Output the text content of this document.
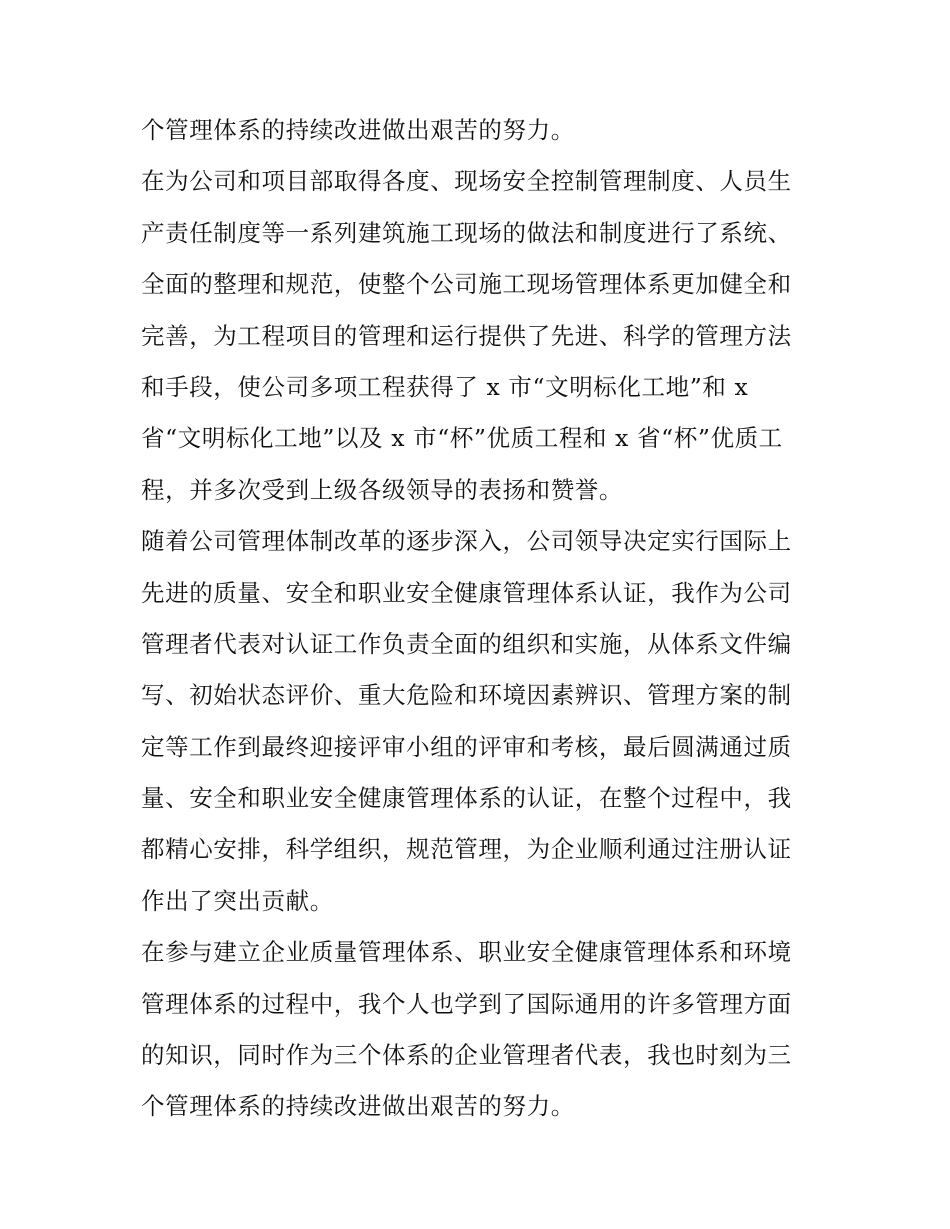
个管理体系的持续改进做出艰苦的努力。
在为公司和项目部取得各度、现场安全控制管理制度、人员生
产责任制度等一系列建筑施工现场的做法和制度进行了系统、
全面的整理和规范，使整个公司施工现场管理体系更加健全和
完善，为工程项目的管理和运行提供了先进、科学的管理方法
和手段，使公司多项工程获得了 x 市“文明标化工地”和 x
省“文明标化工地”以及 x 市“杯”优质工程和 x 省“杯”优质工
程，并多次受到上级各级领导的表扬和赞誉。
随着公司管理体制改革的逐步深入，公司领导决定实行国际上
先进的质量、安全和职业安全健康管理体系认证，我作为公司
管理者代表对认证工作负责全面的组织和实施，从体系文件编
写、初始状态评价、重大危险和环境因素辨识、管理方案的制
定等工作到最终迎接评审小组的评审和考核，最后圆满通过质
量、安全和职业安全健康管理体系的认证，在整个过程中，我
都精心安排，科学组织，规范管理，为企业顺利通过注册认证
作出了突出贡献。
在参与建立企业质量管理体系、职业安全健康管理体系和环境
管理体系的过程中，我个人也学到了国际通用的许多管理方面
的知识，同时作为三个体系的企业管理者代表，我也时刻为三
个管理体系的持续改进做出艰苦的努力。
